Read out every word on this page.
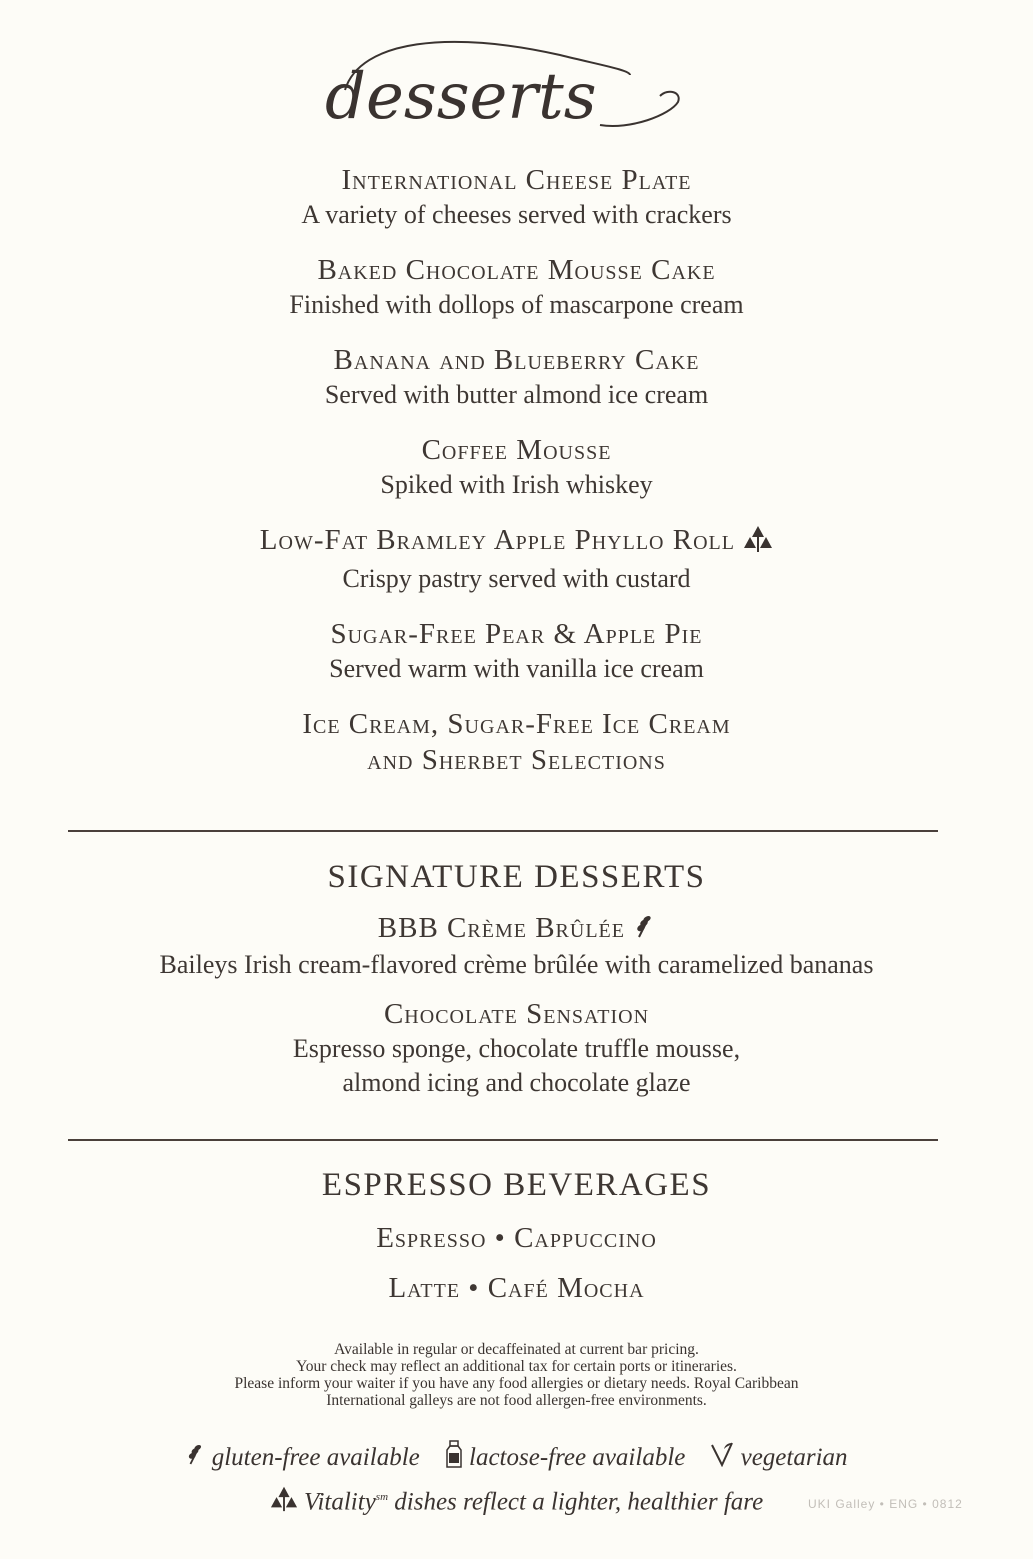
desserts
International Cheese Plate
A variety of cheeses served with crackers
Baked Chocolate Mousse Cake
Finished with dollops of mascarpone cream
Banana and Blueberry Cake
Served with butter almond ice cream
Coffee Mousse
Spiked with Irish whiskey
Low-Fat Bramley Apple Phyllo Roll
Crispy pastry served with custard
Sugar-Free Pear & Apple Pie
Served warm with vanilla ice cream
Ice Cream, Sugar-Free Ice Cream
and Sherbet Selections
SIGNATURE DESSERTS
BBB Crème Brûlée
Baileys Irish cream-flavored crème brûlée with caramelized bananas
Chocolate Sensation
Espresso sponge, chocolate truffle mousse,
almond icing and chocolate glaze
ESPRESSO BEVERAGES
Espresso • Cappuccino
Latte • Café Mocha
Available in regular or decaffeinated at current bar pricing.
Your check may reflect an additional tax for certain ports or itineraries.
Please inform your waiter if you have any food allergies or dietary needs. Royal Caribbean
International galleys are not food allergen-free environments.
gluten-free available lactose-free available vegetarian
Vitality$^{sm}$ dishes reflect a lighter, healthier fare	UKI Galley • ENG • 0812
